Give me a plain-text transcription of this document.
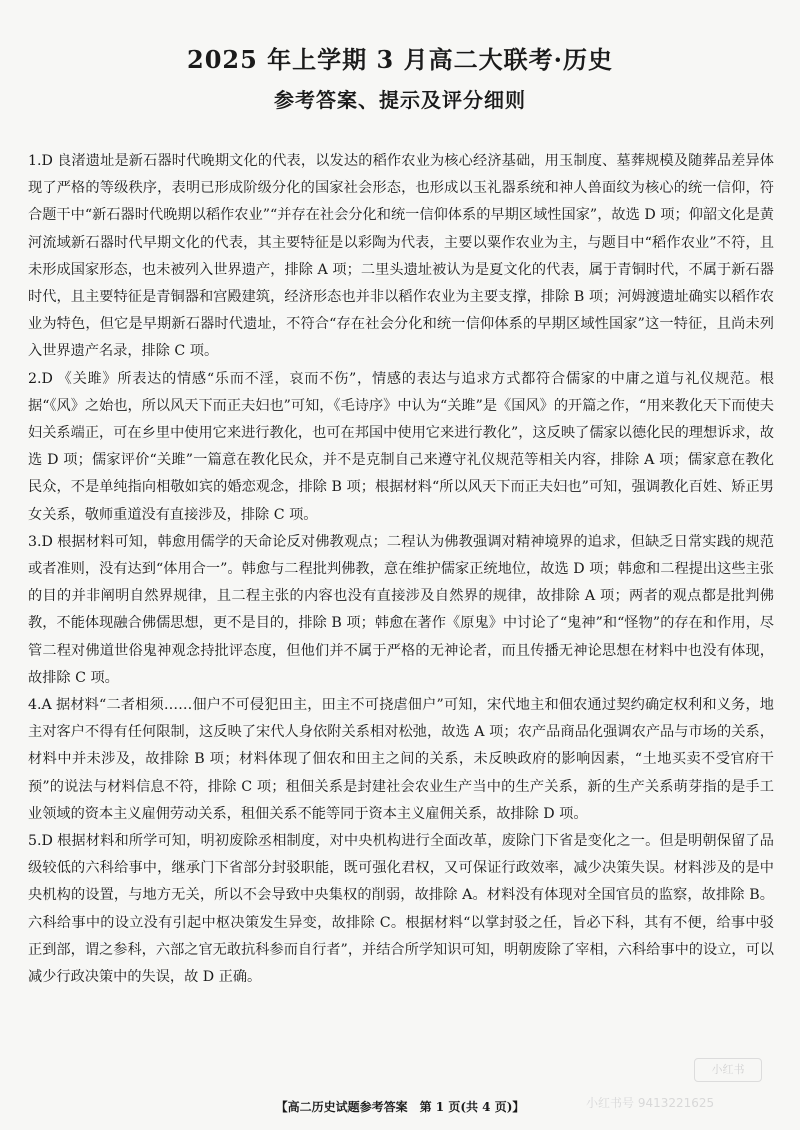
2025 年上学期 3 月高二大联考·历史
参考答案、提示及评分细则

1.D 良渚遗址是新石器时代晚期文化的代表，以发达的稻作农业为核心经济基础，用玉制度、墓葬规模及随葬品差异体现了严格的等级秩序，表明已形成阶级分化的国家社会形态，也形成以玉礼器系统和神人兽面纹为核心的统一信仰，符合题干中“新石器时代晚期以稻作农业”“并存在社会分化和统一信仰体系的早期区域性国家”，故选 D 项；仰韶文化是黄河流域新石器时代早期文化的代表，其主要特征是以彩陶为代表，主要以粟作农业为主，与题目中“稻作农业”不符，且未形成国家形态，也未被列入世界遗产，排除 A 项；二里头遗址被认为是夏文化的代表，属于青铜时代，不属于新石器时代，且主要特征是青铜器和宫殿建筑，经济形态也并非以稻作农业为主要支撑，排除 B 项；河姆渡遗址确实以稻作农业为特色，但它是早期新石器时代遗址，不符合“存在社会分化和统一信仰体系的早期区域性国家”这一特征，且尚未列入世界遗产名录，排除 C 项。

2.D 《关雎》所表达的情感“乐而不淫，哀而不伤”，情感的表达与追求方式都符合儒家的中庸之道与礼仪规范。根据“《风》之始也，所以风天下而正夫妇也”可知，《毛诗序》中认为“关雎”是《国风》的开篇之作，“用来教化天下而使夫妇关系端正，可在乡里中使用它来进行教化，也可在邦国中使用它来进行教化”，这反映了儒家以德化民的理想诉求，故选 D 项；儒家评价“关雎”一篇意在教化民众，并不是克制自己来遵守礼仪规范等相关内容，排除 A 项；儒家意在教化民众，不是单纯指向相敬如宾的婚恋观念，排除 B 项；根据材料“所以风天下而正夫妇也”可知，强调教化百姓、矫正男女关系，敬师重道没有直接涉及，排除 C 项。

3.D 根据材料可知，韩愈用儒学的天命论反对佛教观点；二程认为佛教强调对精神境界的追求，但缺乏日常实践的规范或者准则，没有达到“体用合一”。韩愈与二程批判佛教，意在维护儒家正统地位，故选 D 项；韩愈和二程提出这些主张的目的并非阐明自然界规律，且二程主张的内容也没有直接涉及自然界的规律，故排除 A 项；两者的观点都是批判佛教，不能体现融合佛儒思想，更不是目的，排除 B 项；韩愈在著作《原鬼》中讨论了“鬼神”和“怪物”的存在和作用，尽管二程对佛道世俗鬼神观念持批评态度，但他们并不属于严格的无神论者，而且传播无神论思想在材料中也没有体现，故排除 C 项。

4.A 据材料“二者相须……佃户不可侵犯田主，田主不可挠虐佃户”可知，宋代地主和佃农通过契约确定权利和义务，地主对客户不得有任何限制，这反映了宋代人身依附关系相对松弛，故选 A 项；农产品商品化强调农产品与市场的关系，材料中并未涉及，故排除 B 项；材料体现了佃农和田主之间的关系，未反映政府的影响因素，“土地买卖不受官府干预”的说法与材料信息不符，排除 C 项；租佃关系是封建社会农业生产当中的生产关系，新的生产关系萌芽指的是手工业领域的资本主义雇佣劳动关系，租佃关系不能等同于资本主义雇佣关系，故排除 D 项。

5.D 根据材料和所学可知，明初废除丞相制度，对中央机构进行全面改革，废除门下省是变化之一。但是明朝保留了品级较低的六科给事中，继承门下省部分封驳职能，既可强化君权，又可保证行政效率，减少决策失误。材料涉及的是中央机构的设置，与地方无关，所以不会导致中央集权的削弱，故排除 A。材料没有体现对全国官员的监察，故排除 B。六科给事中的设立没有引起中枢决策发生异变，故排除 C。根据材料“以掌封驳之任，旨必下科，其有不便，给事中驳正到部，谓之参科，六部之官无敢抗科参而自行者”，并结合所学知识可知，明朝废除了宰相，六科给事中的设立，可以减少行政决策中的失误，故 D 正确。

小红书
小红书号 9413221625
【高二历史试题参考答案　第 1 页(共 4 页)】
